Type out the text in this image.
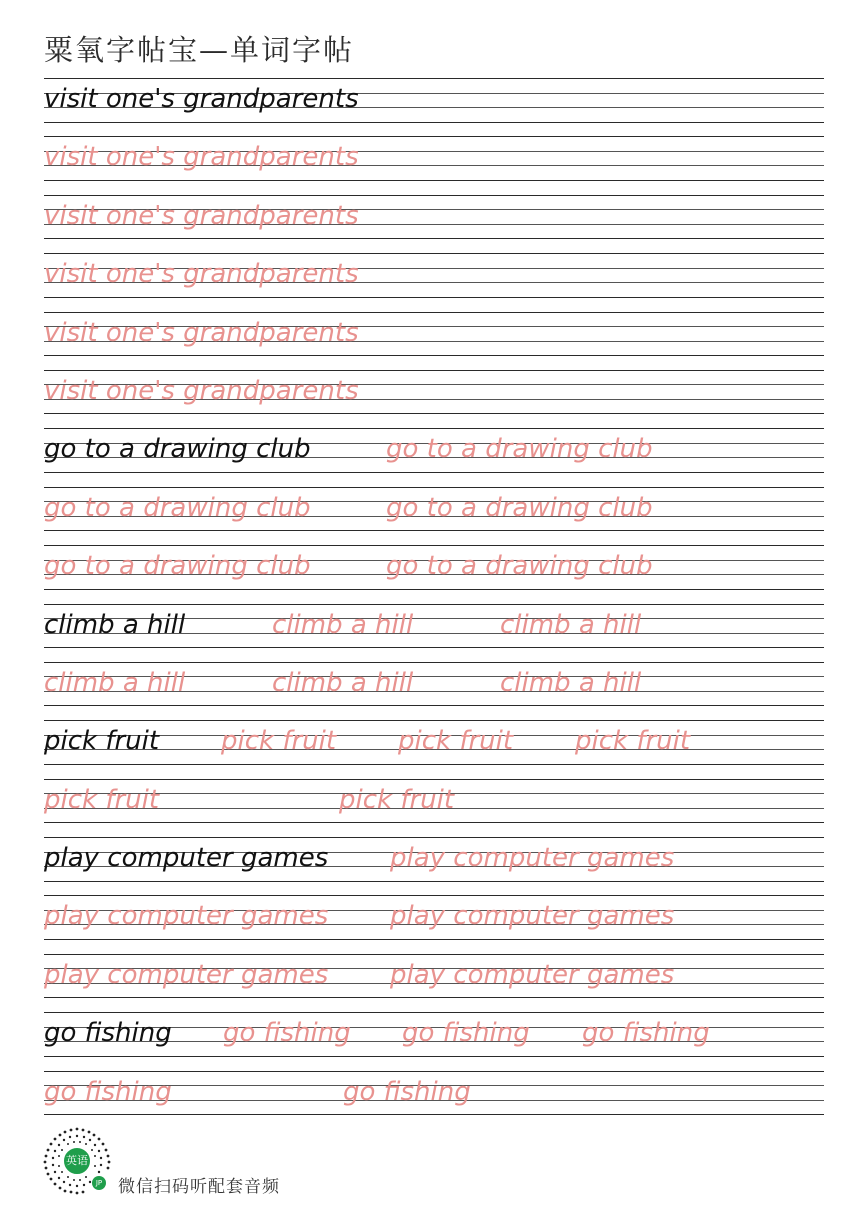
粟氧字帖宝—单词字帖
visit one's grandparents
visit one's grandparents
visit one's grandparents
visit one's grandparents
visit one's grandparents
visit one's grandparents
go to a drawing club	go to a drawing club
go to a drawing club	go to a drawing club
go to a drawing club	go to a drawing club
climb a hill	climb a hill	climb a hill
climb a hill	climb a hill	climb a hill
pick fruit pick fruit pick fruit pick fruit
pick fruit	pick fruit
play computer games play computer games
play computer games play computer games
play computer games play computer games
go fishing go fishing go fishing go fishing
go fishing	go fishing
英语
JP 微信扫码听配套音频
